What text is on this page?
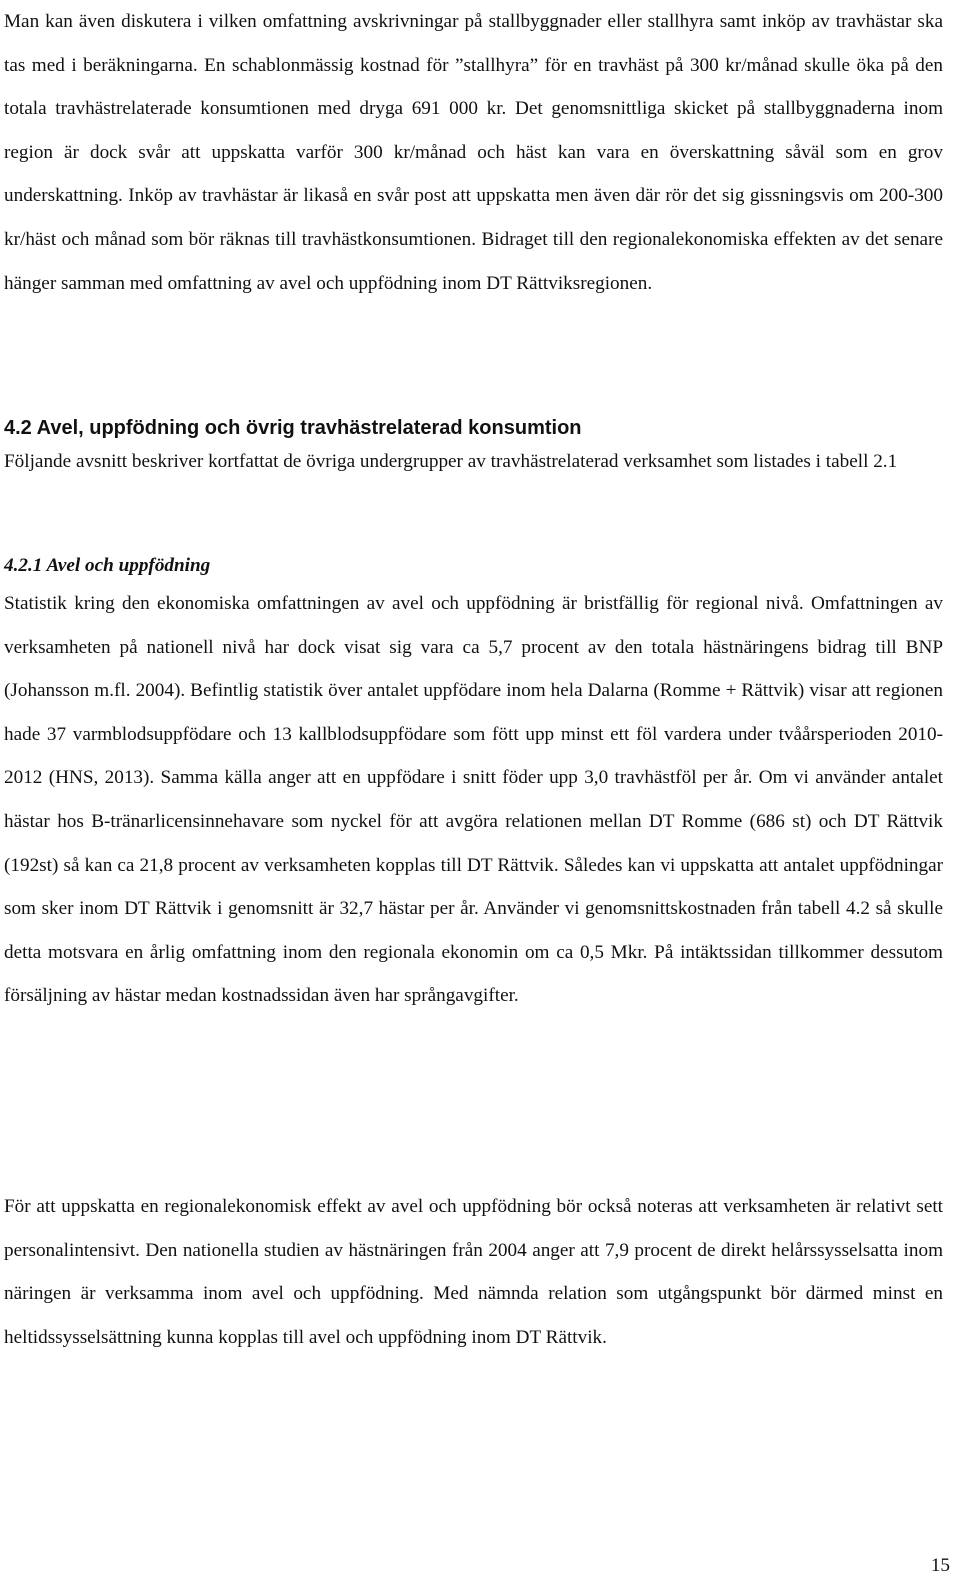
Man kan även diskutera i vilken omfattning avskrivningar på stallbyggnader eller stallhyra samt inköp av travhästar ska tas med i beräkningarna. En schablonmässig kostnad för ”stallhyra” för en travhäst på 300 kr/månad skulle öka på den totala travhästrelaterade konsumtionen med dryga 691 000 kr. Det genomsnittliga skicket på stallbyggnaderna inom region är dock svår att uppskatta varför 300 kr/månad och häst kan vara en överskattning såväl som en grov underskattning. Inköp av travhästar är likaså en svår post att uppskatta men även där rör det sig gissningsvis om 200-300 kr/häst och månad som bör räknas till travhästkonsumtionen. Bidraget till den regionalekonomiska effekten av det senare hänger samman med omfattning av avel och uppfödning inom DT Rättviksregionen.

4.2 Avel, uppfödning och övrig travhästrelaterad konsumtion

Följande avsnitt beskriver kortfattat de övriga undergrupper av travhästrelaterad verksamhet som listades i tabell 2.1

4.2.1 Avel och uppfödning

Statistik kring den ekonomiska omfattningen av avel och uppfödning är bristfällig för regional nivå. Omfattningen av verksamheten på nationell nivå har dock visat sig vara ca 5,7 procent av den totala hästnäringens bidrag till BNP (Johansson m.fl. 2004). Befintlig statistik över antalet uppfödare inom hela Dalarna (Romme + Rättvik) visar att regionen hade 37 varmblodsuppfödare och 13 kallblodsuppfödare som fött upp minst ett föl vardera under tvåårsperioden 2010-2012 (HNS, 2013). Samma källa anger att en uppfödare i snitt föder upp 3,0 travhästföl per år. Om vi använder antalet hästar hos B-tränarlicensinnehavare som nyckel för att avgöra relationen mellan DT Romme (686 st) och DT Rättvik (192st) så kan ca 21,8 procent av verksamheten kopplas till DT Rättvik. Således kan vi uppskatta att antalet uppfödningar som sker inom DT Rättvik i genomsnitt är 32,7 hästar per år. Använder vi genomsnittskostnaden från tabell 4.2 så skulle detta motsvara en årlig omfattning inom den regionala ekonomin om ca 0,5 Mkr. På intäktssidan tillkommer dessutom försäljning av hästar medan kostnadssidan även har språngavgifter.

För att uppskatta en regionalekonomisk effekt av avel och uppfödning bör också noteras att verksamheten är relativt sett personalintensivt. Den nationella studien av hästnäringen från 2004 anger att 7,9 procent de direkt helårssysselsatta inom näringen är verksamma inom avel och uppfödning. Med nämnda relation som utgångspunkt bör därmed minst en heltidssysselsättning kunna kopplas till avel och uppfödning inom DT Rättvik.

15
